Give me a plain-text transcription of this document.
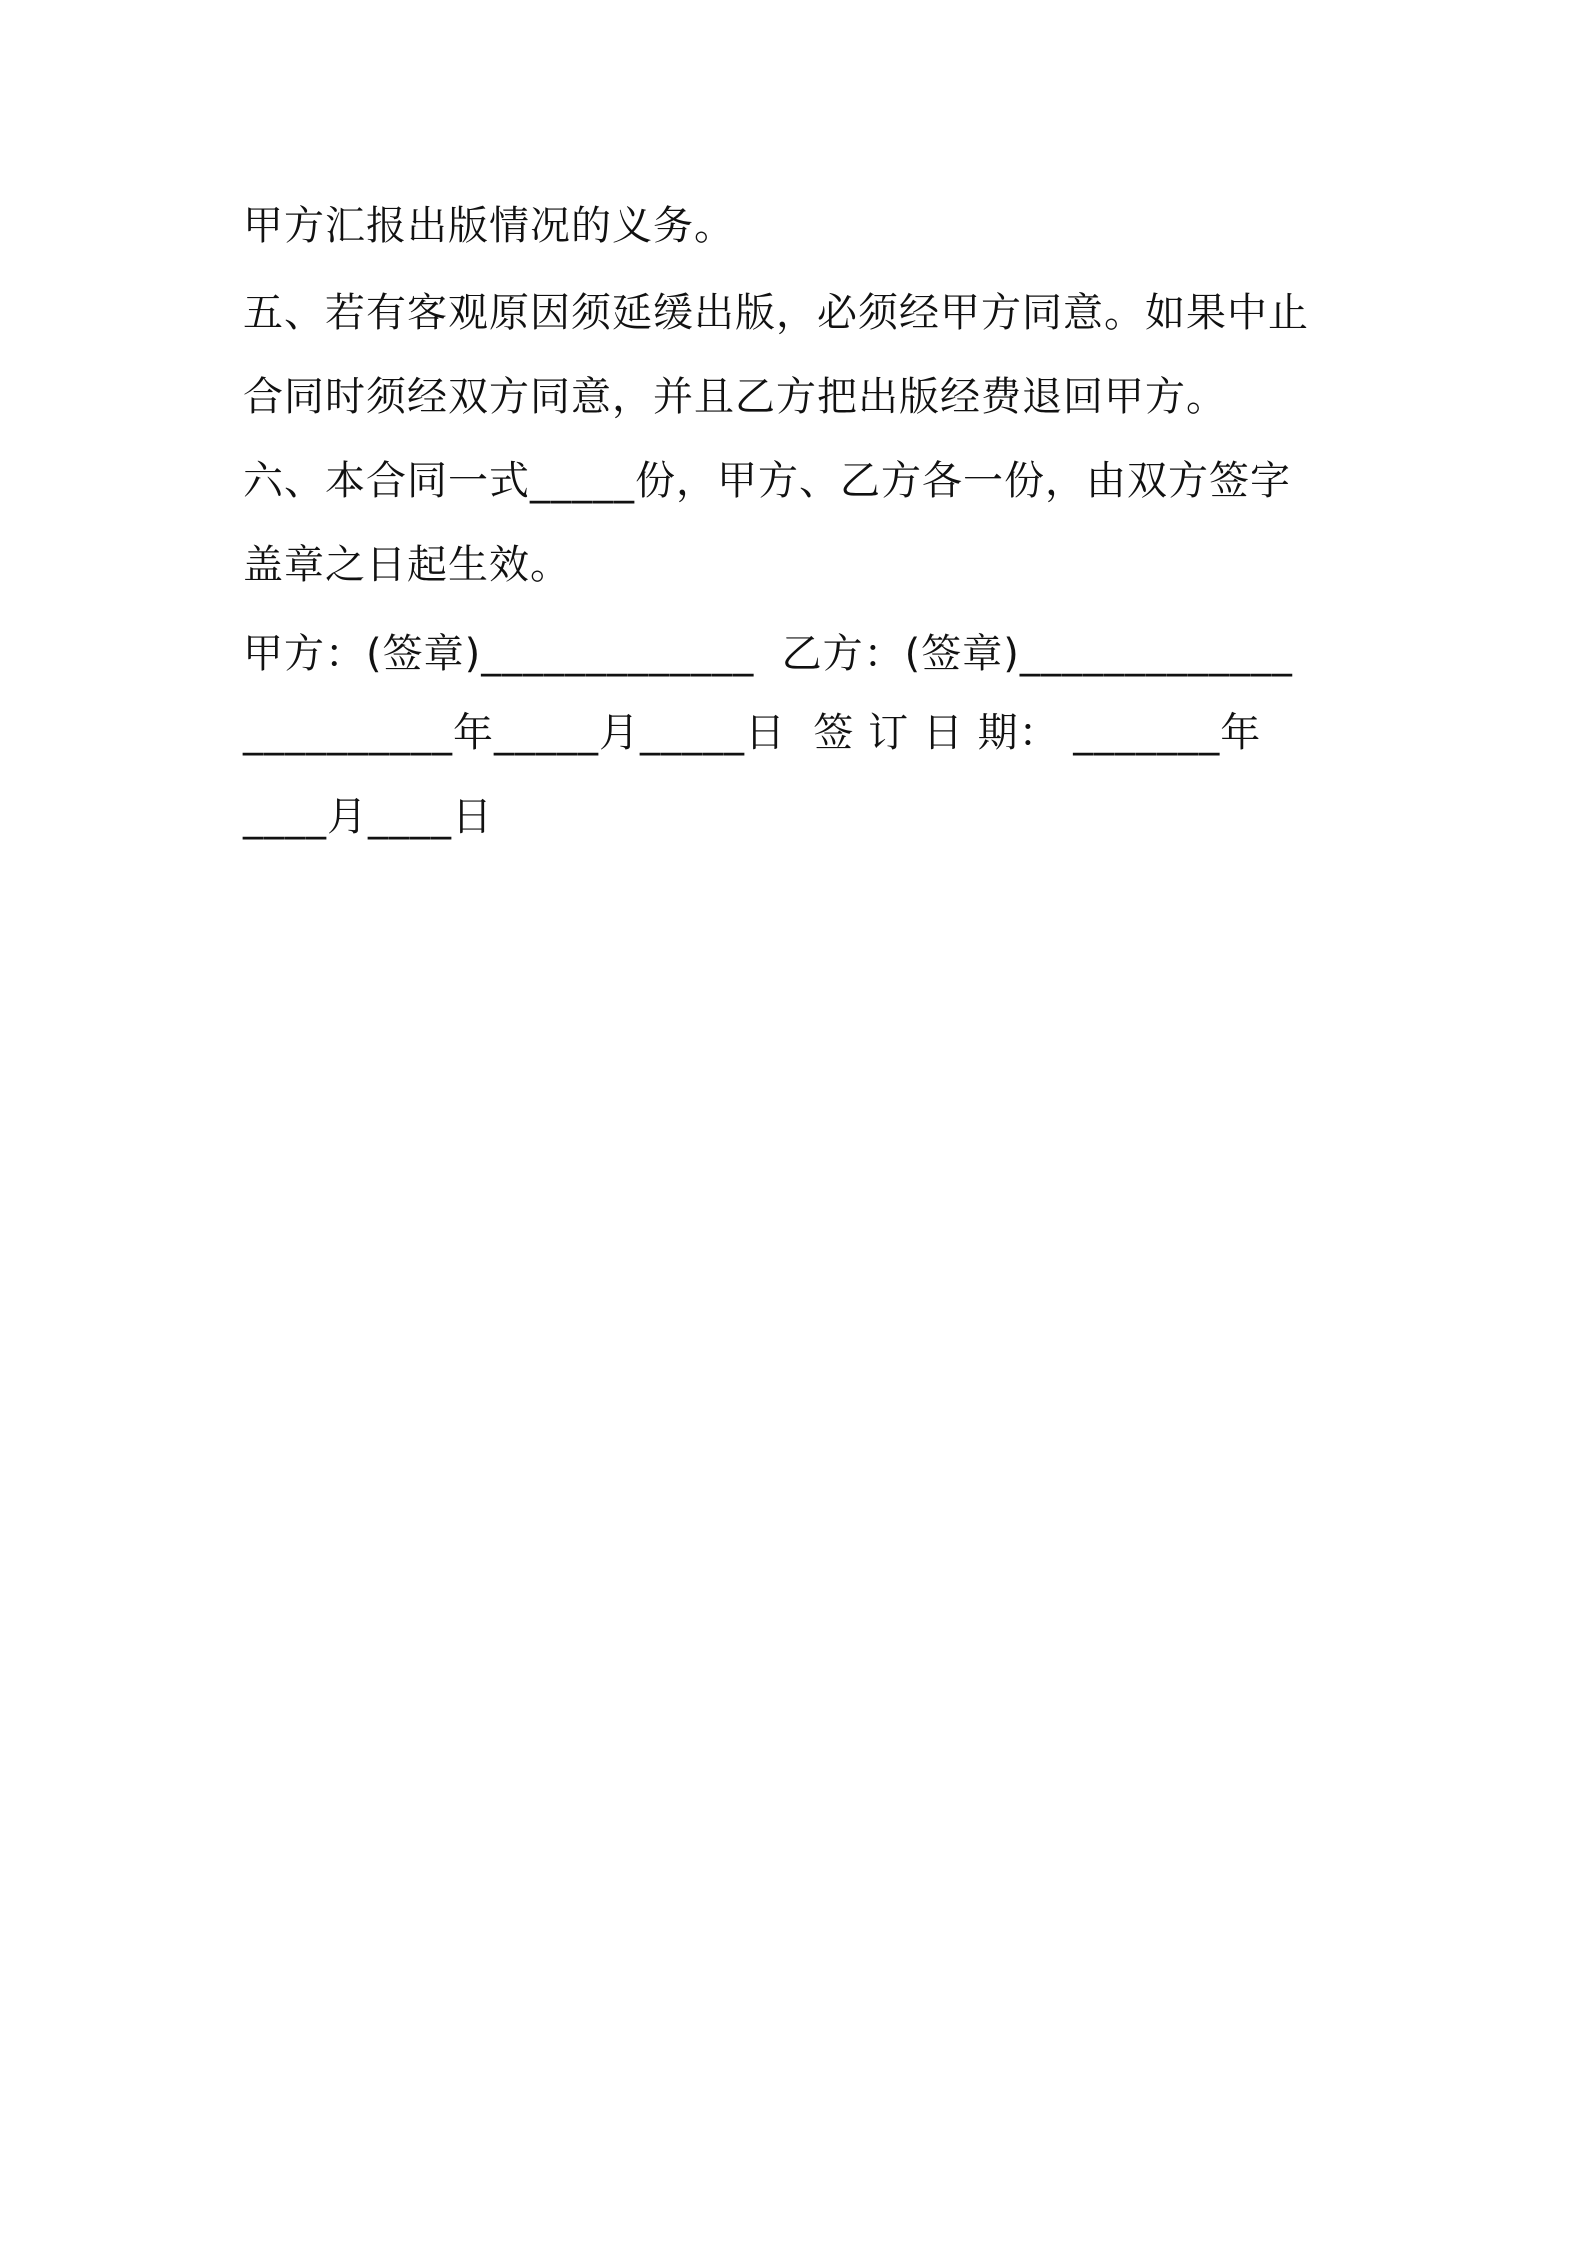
甲方汇报出版情况的义务。
五、若有客观原因须延缓出版，必须经甲方同意。如果中止
合同时须经双方同意，并且乙方把出版经费退回甲方。
六、本合同一式_____份，甲方、乙方各一份，由双方签字
盖章之日起生效。
甲方：(签章)_____________  乙方：(签章)_____________
__________年_____月_____日  签 订 日 期： _______年
____月____日
